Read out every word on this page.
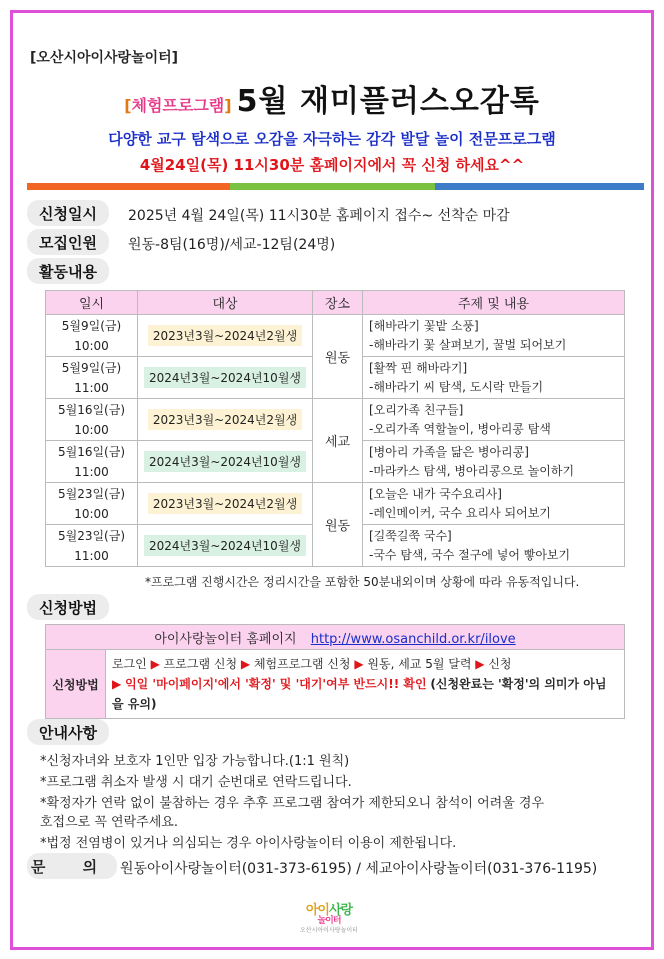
[오산시아이사랑놀이터]
[체험프로그램] 5월 재미플러스오감톡
다양한 교구 탐색으로 오감을 자극하는 감각 발달 놀이 전문프로그램
4월24일(목) 11시30분 홈페이지에서 꼭 신청 하세요^^
신청일시	2025년 4월 24일(목) 11시30분 홈페이지 접수~ 선착순 마감
모집인원	원동-8팀(16명)/세교-12팀(24명)
활동내용
일시	대상	장소	주제 및 내용
5월9일(금)
10:00	2023년3월~2024년2월생	원동	[해바라기 꽃밭 소풍]
-해바라기 꽃 살펴보기, 꿀벌 되어보기
5월9일(금)
11:00	2024년3월~2024년10월생		[활짝 핀 해바라기]
-해바라기 씨 탐색, 도시락 만들기
5월16일(금)
10:00	2023년3월~2024년2월생	세교	[오리가족 친구들]
-오리가족 역할놀이, 병아리콩 탐색
5월16일(금)
11:00	2024년3월~2024년10월생		[병아리 가족을 닮은 병아리콩]
-마라카스 탐색, 병아리콩으로 놀이하기
5월23일(금)
10:00	2023년3월~2024년2월생	원동	[오늘은 내가 국수요리사]
-레인메이커, 국수 요리사 되어보기
5월23일(금)
11:00	2024년3월~2024년10월생		[길쭉길쭉 국수]
-국수 탐색, 국수 절구에 넣어 빻아보기
*프로그램 진행시간은 정리시간을 포함한 50분내외이며 상황에 따라 유동적입니다.
신청방법
아이사랑놀이터 홈페이지 http://www.osanchild.or.kr/ilove
신청방법	로그인 ▶ 프로그램 신청 ▶ 체험프로그램 신청 ▶ 원동, 세교 5월 달력 ▶ 신청
▶ 익일 '마이페이지'에서 '확정' 및 '대기'여부 반드시!! 확인 (신청완료는 '확정'의 의미가 아님을 유의)
안내사항
*신청자녀와 보호자 1인만 입장 가능합니다.(1:1 원칙)
*프로그램 취소자 발생 시 대기 순번대로 연락드립니다.
*확정자가 연락 없이 불참하는 경우 추후 프로그램 참여가 제한되오니 참석이 어려울 경우
호접으로 꼭 연락주세요.
*법정 전염병이 있거나 의심되는 경우 아이사랑놀이터 이용이 제한됩니다.
문 의 원동아이사랑놀이터(031-373-6195) / 세교아이사랑놀이터(031-376-1195)
아이사랑
놀이터
오산시아이사랑놀이터
